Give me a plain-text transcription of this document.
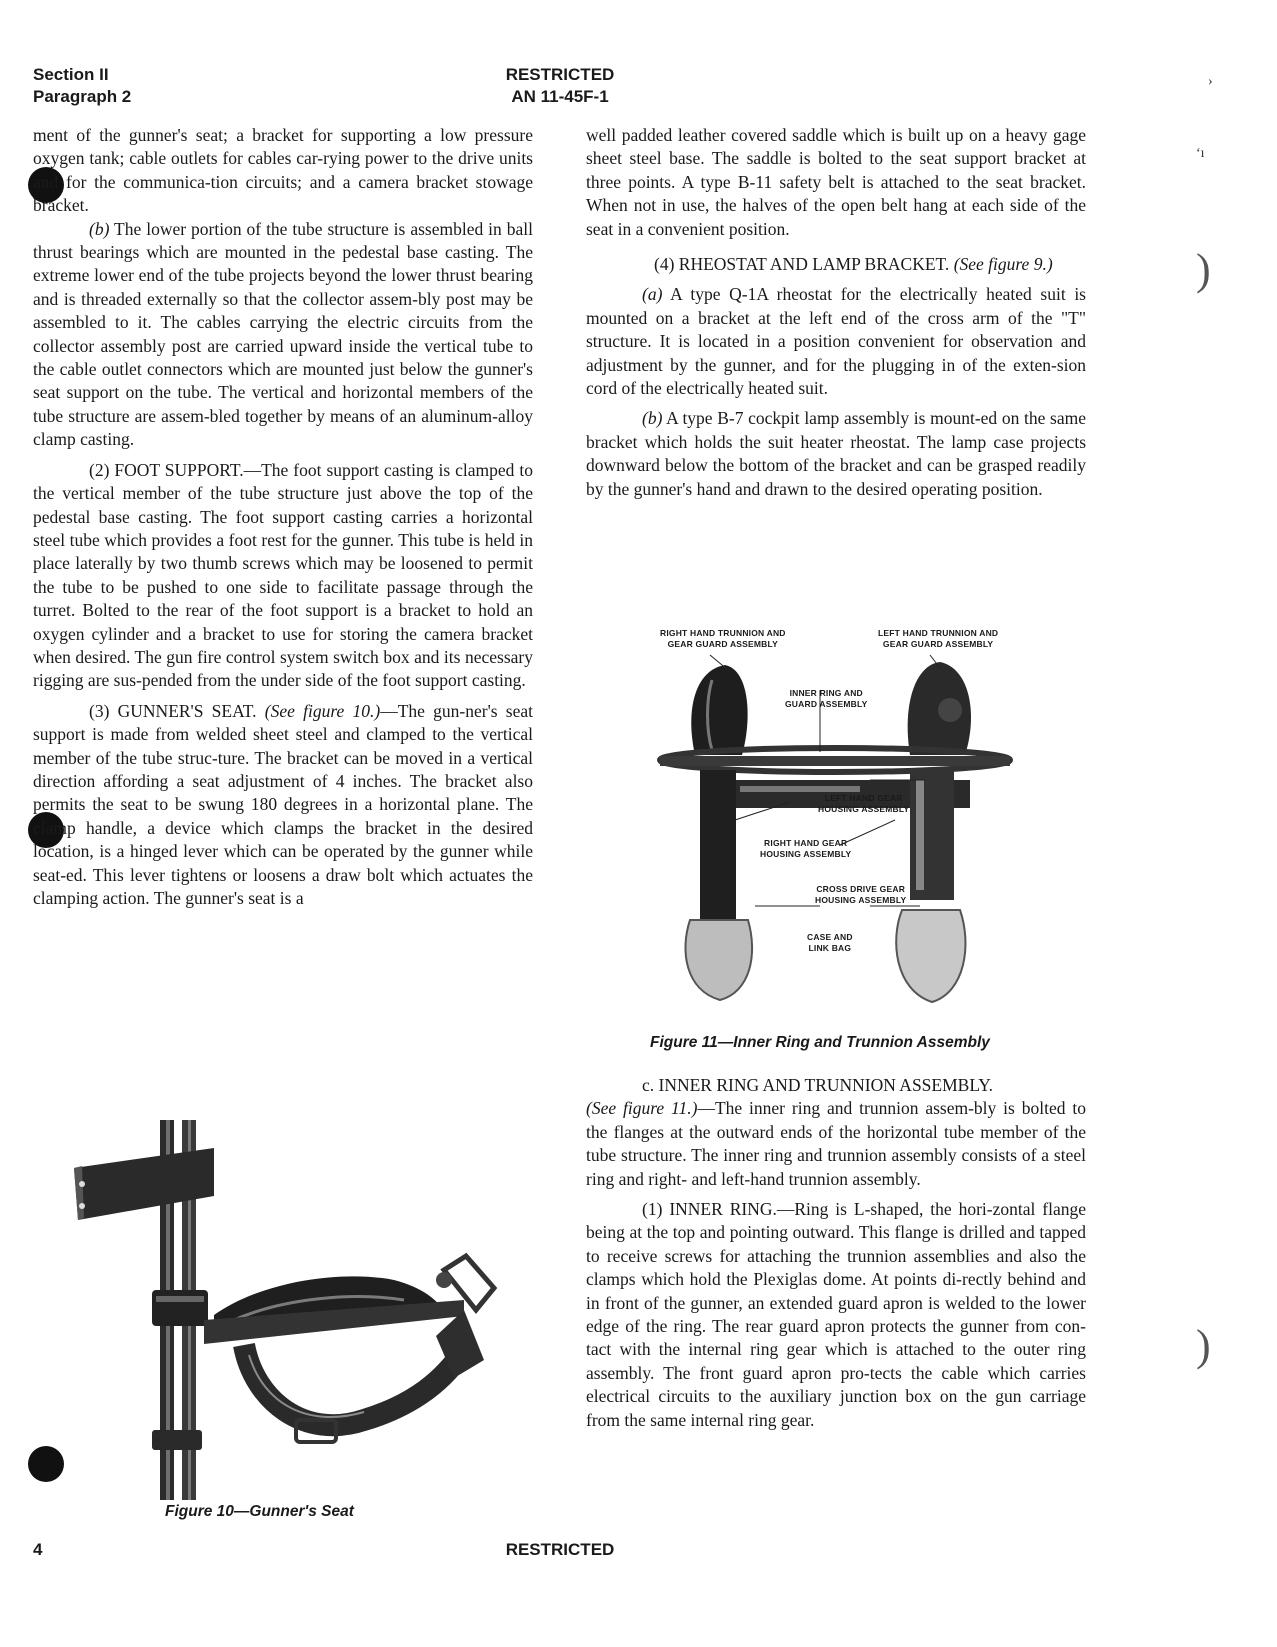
Section II
Paragraph 2
RESTRICTED
AN 11-45F-1

ment of the gunner's seat; a bracket for supporting a low pressure oxygen tank; cable outlets for cables car-rying power to the drive units and for the communica-tion circuits; and a camera bracket stowage bracket.

(b) The lower portion of the tube structure is assembled in ball thrust bearings which are mounted in the pedestal base casting. The extreme lower end of the tube projects beyond the lower thrust bearing and is threaded externally so that the collector assem-bly post may be assembled to it. The cables carrying the electric circuits from the collector assembly post are carried upward inside the vertical tube to the cable outlet connectors which are mounted just below the gunner's seat support on the tube. The vertical and horizontal members of the tube structure are assem-bled together by means of an aluminum-alloy clamp casting.

(2) FOOT SUPPORT.—The foot support casting is clamped to the vertical member of the tube structure just above the top of the pedestal base casting. The foot support casting carries a horizontal steel tube which provides a foot rest for the gunner. This tube is held in place laterally by two thumb screws which may be loosened to permit the tube to be pushed to one side to facilitate passage through the turret. Bolted to the rear of the foot support is a bracket to hold an oxygen cylinder and a bracket to use for storing the camera bracket when desired. The gun fire control system switch box and its necessary rigging are sus-pended from the under side of the foot support casting.

(3) GUNNER'S SEAT. (See figure 10.)—The gun-ner's seat support is made from welded sheet steel and clamped to the vertical member of the tube struc-ture. The bracket can be moved in a vertical direction affording a seat adjustment of 4 inches. The bracket also permits the seat to be swung 180 degrees in a horizontal plane. The clamp handle, a device which clamps the bracket in the desired location, is a hinged lever which can be operated by the gunner while seat-ed. This lever tightens or loosens a draw bolt which actuates the clamping action. The gunner's seat is a

Figure 10—Gunner's Seat

well padded leather covered saddle which is built up on a heavy gage sheet steel base. The saddle is bolted to the seat support bracket at three points. A type B-11 safety belt is attached to the seat bracket. When not in use, the halves of the open belt hang at each side of the seat in a convenient position.

(4) RHEOSTAT AND LAMP BRACKET. (See figure 9.)

(a) A type Q-1A rheostat for the electrically heated suit is mounted on a bracket at the left end of the cross arm of the "T" structure. It is located in a position convenient for observation and adjustment by the gunner, and for the plugging in of the exten-sion cord of the electrically heated suit.

(b) A type B-7 cockpit lamp assembly is mount-ed on the same bracket which holds the suit heater rheostat. The lamp case projects downward below the bottom of the bracket and can be grasped readily by the gunner's hand and drawn to the desired operating position.

RIGHT HAND TRUNNION AND
GEAR GUARD ASSEMBLY
LEFT HAND TRUNNION AND
GEAR GUARD ASSEMBLY
INNER RING AND
GUARD ASSEMBLY
LEFT HAND GEAR
HOUSING ASSEMBLY
RIGHT HAND GEAR
HOUSING ASSEMBLY
CROSS DRIVE GEAR
HOUSING ASSEMBLY
CASE AND
LINK BAG
Figure 11—Inner Ring and Trunnion Assembly

c. INNER RING AND TRUNNION ASSEMBLY.

(See figure 11.)—The inner ring and trunnion assem-bly is bolted to the flanges at the outward ends of the horizontal tube member of the tube structure. The inner ring and trunnion assembly consists of a steel ring and right- and left-hand trunnion assembly.

(1) INNER RING.—Ring is L-shaped, the hori-zontal flange being at the top and pointing outward. This flange is drilled and tapped to receive screws for attaching the trunnion assemblies and also the clamps which hold the Plexiglas dome. At points di-rectly behind and in front of the gunner, an extended guard apron is welded to the lower edge of the ring. The rear guard apron protects the gunner from con-tact with the internal ring gear which is attached to the outer ring assembly. The front guard apron pro-tects the cable which carries electrical circuits to the auxiliary junction box on the gun carriage from the same internal ring gear.

›
‘ı
)
)
4	RESTRICTED
